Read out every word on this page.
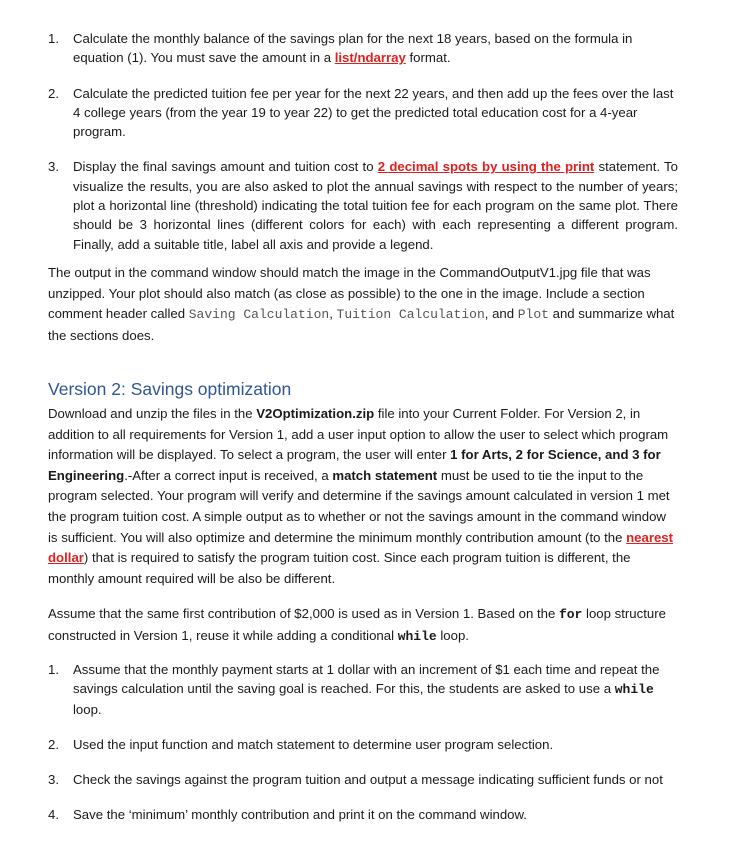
1. Calculate the monthly balance of the savings plan for the next 18 years, based on the formula in equation (1). You must save the amount in a list/ndarray format.

2. Calculate the predicted tuition fee per year for the next 22 years, and then add up the fees over the last 4 college years (from the year 19 to year 22) to get the predicted total education cost for a 4-year program.

3. Display the final savings amount and tuition cost to 2 decimal spots by using the print statement. To visualize the results, you are also asked to plot the annual savings with respect to the number of years; plot a horizontal line (threshold) indicating the total tuition fee for each program on the same plot. There should be 3 horizontal lines (different colors for each) with each representing a different program. Finally, add a suitable title, label all axis and provide a legend.

The output in the command window should match the image in the CommandOutputV1.jpg file that was unzipped. Your plot should also match (as close as possible) to the one in the image. Include a section comment header called Saving Calculation, Tuition Calculation, and Plot and summarize what the sections does.

Version 2: Savings optimization

Download and unzip the files in the V2Optimization.zip file into your Current Folder. For Version 2, in addition to all requirements for Version 1, add a user input option to allow the user to select which program information will be displayed. To select a program, the user will enter 1 for Arts, 2 for Science, and 3 for Engineering.-After a correct input is received, a match statement must be used to tie the input to the program selected. Your program will verify and determine if the savings amount calculated in version 1 met the program tuition cost. A simple output as to whether or not the savings amount in the command window is sufficient. You will also optimize and determine the minimum monthly contribution amount (to the nearest dollar) that is required to satisfy the program tuition cost. Since each program tuition is different, the monthly amount required will be also be different.

Assume that the same first contribution of $2,000 is used as in Version 1. Based on the for loop structure constructed in Version 1, reuse it while adding a conditional while loop.

1. Assume that the monthly payment starts at 1 dollar with an increment of $1 each time and repeat the savings calculation until the saving goal is reached. For this, the students are asked to use a while loop.

2. Used the input function and match statement to determine user program selection.

3. Check the savings against the program tuition and output a message indicating sufficient funds or not

4. Save the ‘minimum’ monthly contribution and print it on the command window.
